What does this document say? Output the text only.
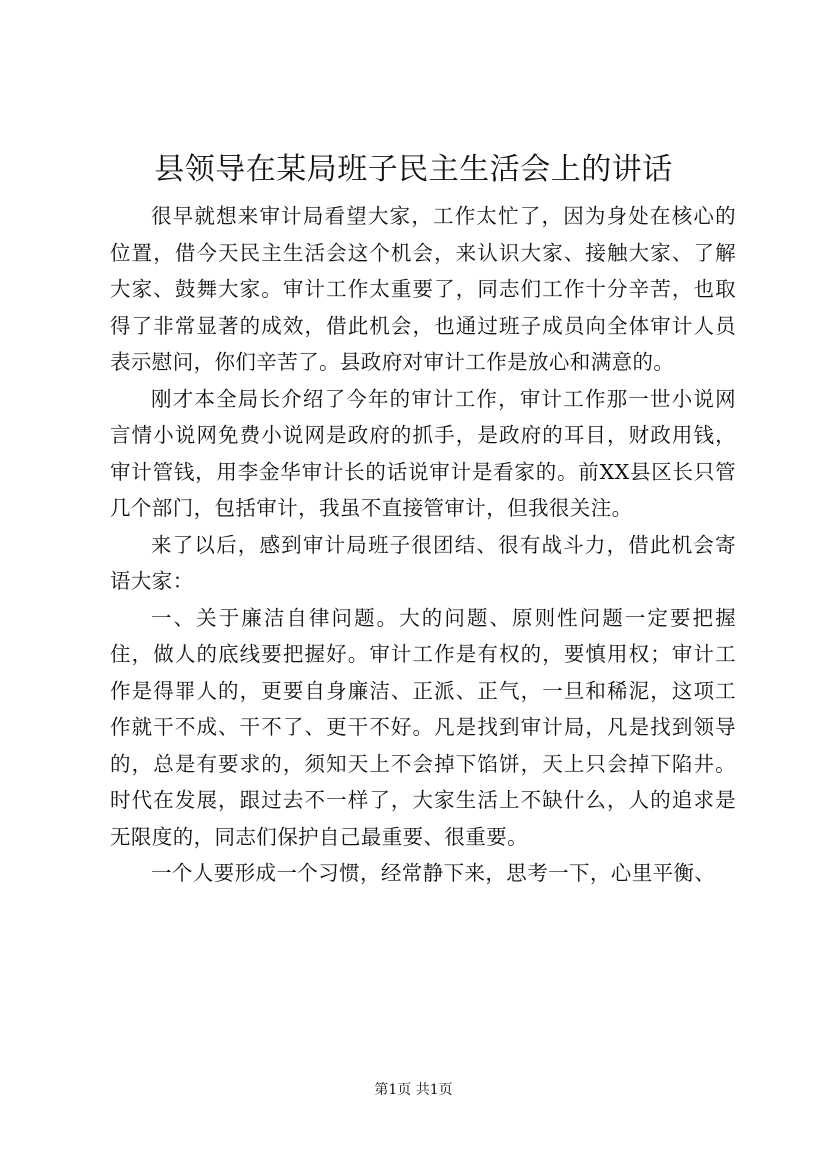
县领导在某局班子民主生活会上的讲话

很早就想来审计局看望大家，工作太忙了，因为身处在核心的位置，借今天民主生活会这个机会，来认识大家、接触大家、了解大家、鼓舞大家。审计工作太重要了，同志们工作十分辛苦，也取得了非常显著的成效，借此机会，也通过班子成员向全体审计人员表示慰问，你们辛苦了。县政府对审计工作是放心和满意的。

刚才本全局长介绍了今年的审计工作，审计工作那一世小说网言情小说网免费小说网是政府的抓手，是政府的耳目，财政用钱，审计管钱，用李金华审计长的话说审计是看家的。前XX县区长只管几个部门，包括审计，我虽不直接管审计，但我很关注。

来了以后，感到审计局班子很团结、很有战斗力，借此机会寄语大家：

一、关于廉洁自律问题。大的问题、原则性问题一定要把握住，做人的底线要把握好。审计工作是有权的，要慎用权；审计工作是得罪人的，更要自身廉洁、正派、正气，一旦和稀泥，这项工作就干不成、干不了、更干不好。凡是找到审计局，凡是找到领导的，总是有要求的，须知天上不会掉下馅饼，天上只会掉下陷井。时代在发展，跟过去不一样了，大家生活上不缺什么，人的追求是无限度的，同志们保护自己最重要、很重要。

一个人要形成一个习惯，经常静下来，思考一下，心里平衡、

第1页 共1页
